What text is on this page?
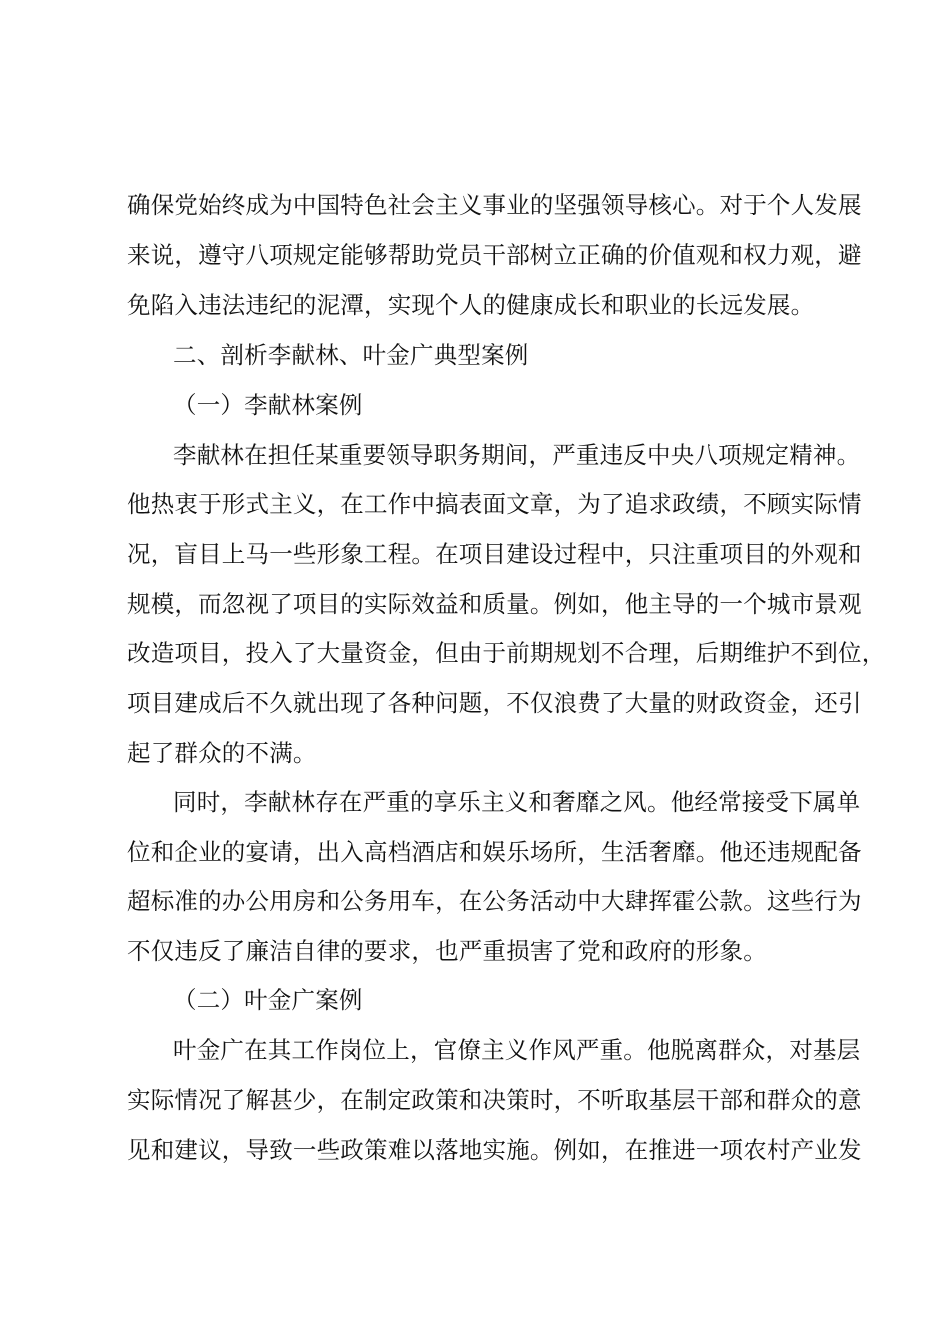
确保党始终成为中国特色社会主义事业的坚强领导核心。对于个人发展
来说，遵守八项规定能够帮助党员干部树立正确的价值观和权力观，避
免陷入违法违纪的泥潭，实现个人的健康成长和职业的长远发展。
二、剖析李献林、叶金广典型案例
（一）李献林案例
李献林在担任某重要领导职务期间，严重违反中央八项规定精神。
他热衷于形式主义，在工作中搞表面文章，为了追求政绩，不顾实际情
况，盲目上马一些形象工程。在项目建设过程中，只注重项目的外观和
规模，而忽视了项目的实际效益和质量。例如，他主导的一个城市景观
改造项目，投入了大量资金，但由于前期规划不合理，后期维护不到位，
项目建成后不久就出现了各种问题，不仅浪费了大量的财政资金，还引
起了群众的不满。
同时，李献林存在严重的享乐主义和奢靡之风。他经常接受下属单
位和企业的宴请，出入高档酒店和娱乐场所，生活奢靡。他还违规配备
超标准的办公用房和公务用车，在公务活动中大肆挥霍公款。这些行为
不仅违反了廉洁自律的要求，也严重损害了党和政府的形象。
（二）叶金广案例
叶金广在其工作岗位上，官僚主义作风严重。他脱离群众，对基层
实际情况了解甚少，在制定政策和决策时，不听取基层干部和群众的意
见和建议，导致一些政策难以落地实施。例如，在推进一项农村产业发
